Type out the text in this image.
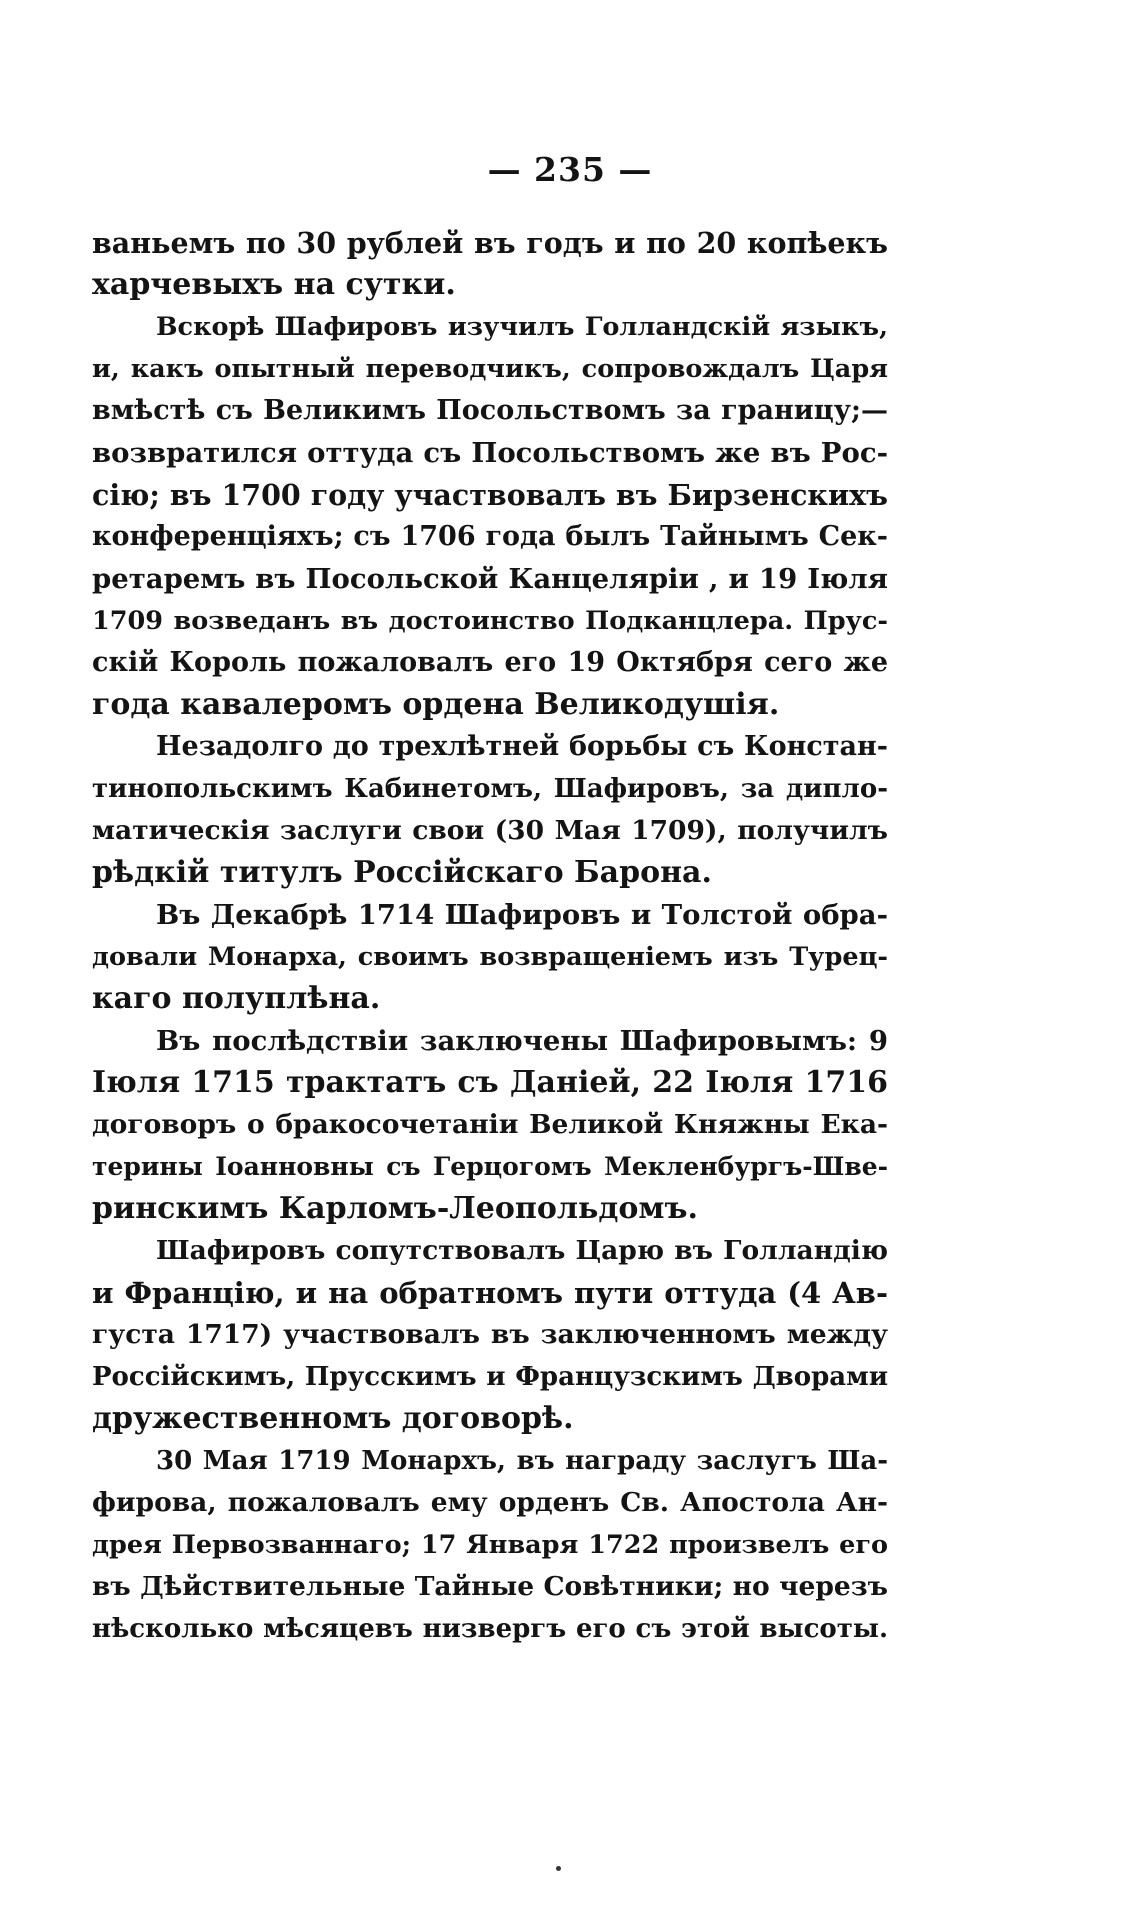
— 235 —

ваньемъ по 30 рублей въ годъ и по 20 копѣекъ
харчевыхъ на сутки.

Вскорѣ Шафировъ изучилъ Голландскій языкъ,
и, какъ опытный переводчикъ, сопровождалъ Царя
вмѣстѣ съ Великимъ Посольствомъ за границу;—
возвратился оттуда съ Посольствомъ же въ Рос-
сію; въ 1700 году участвовалъ въ Бирзенскихъ
конференціяхъ; съ 1706 года былъ Тайнымъ Сек-
ретаремъ въ Посольской Канцеляріи , и 19 Іюля
1709 возведанъ въ достоинство Подканцлера. Прус-
скій Король пожаловалъ его 19 Октября сего же
года кавалеромъ ордена Великодушія.

Незадолго до трехлѣтней борьбы съ Констан-
тинопольскимъ Кабинетомъ, Шафировъ, за дипло-
матическія заслуги свои (30 Мая 1709), получилъ
рѣдкій титулъ Россійскаго Барона.

Въ Декабрѣ 1714 Шафировъ и Толстой обра-
довали Монарха, своимъ возвращеніемъ изъ Турец-
каго полуплѣна.

Въ послѣдствіи заключены Шафировымъ: 9
Іюля 1715 трактатъ съ Даніей, 22 Іюля 1716
договоръ о бракосочетаніи Великой Княжны Ека-
терины Іоанновны съ Герцогомъ Мекленбургъ-Шве-
ринскимъ Карломъ-Леопольдомъ.

Шафировъ сопутствовалъ Царю въ Голландію
и Францію, и на обратномъ пути оттуда (4 Ав-
густа 1717) участвовалъ въ заключенномъ между
Россійскимъ, Прусскимъ и Французскимъ Дворами
дружественномъ договорѣ.

30 Мая 1719 Монархъ, въ награду заслугъ Ша-
фирова, пожаловалъ ему орденъ Св. Апостола Ан-
дрея Первозваннаго; 17 Января 1722 произвелъ его
въ Дѣйствительные Тайные Совѣтники; но черезъ
нѣсколько мѣсяцевъ низвергъ его съ этой высоты.
